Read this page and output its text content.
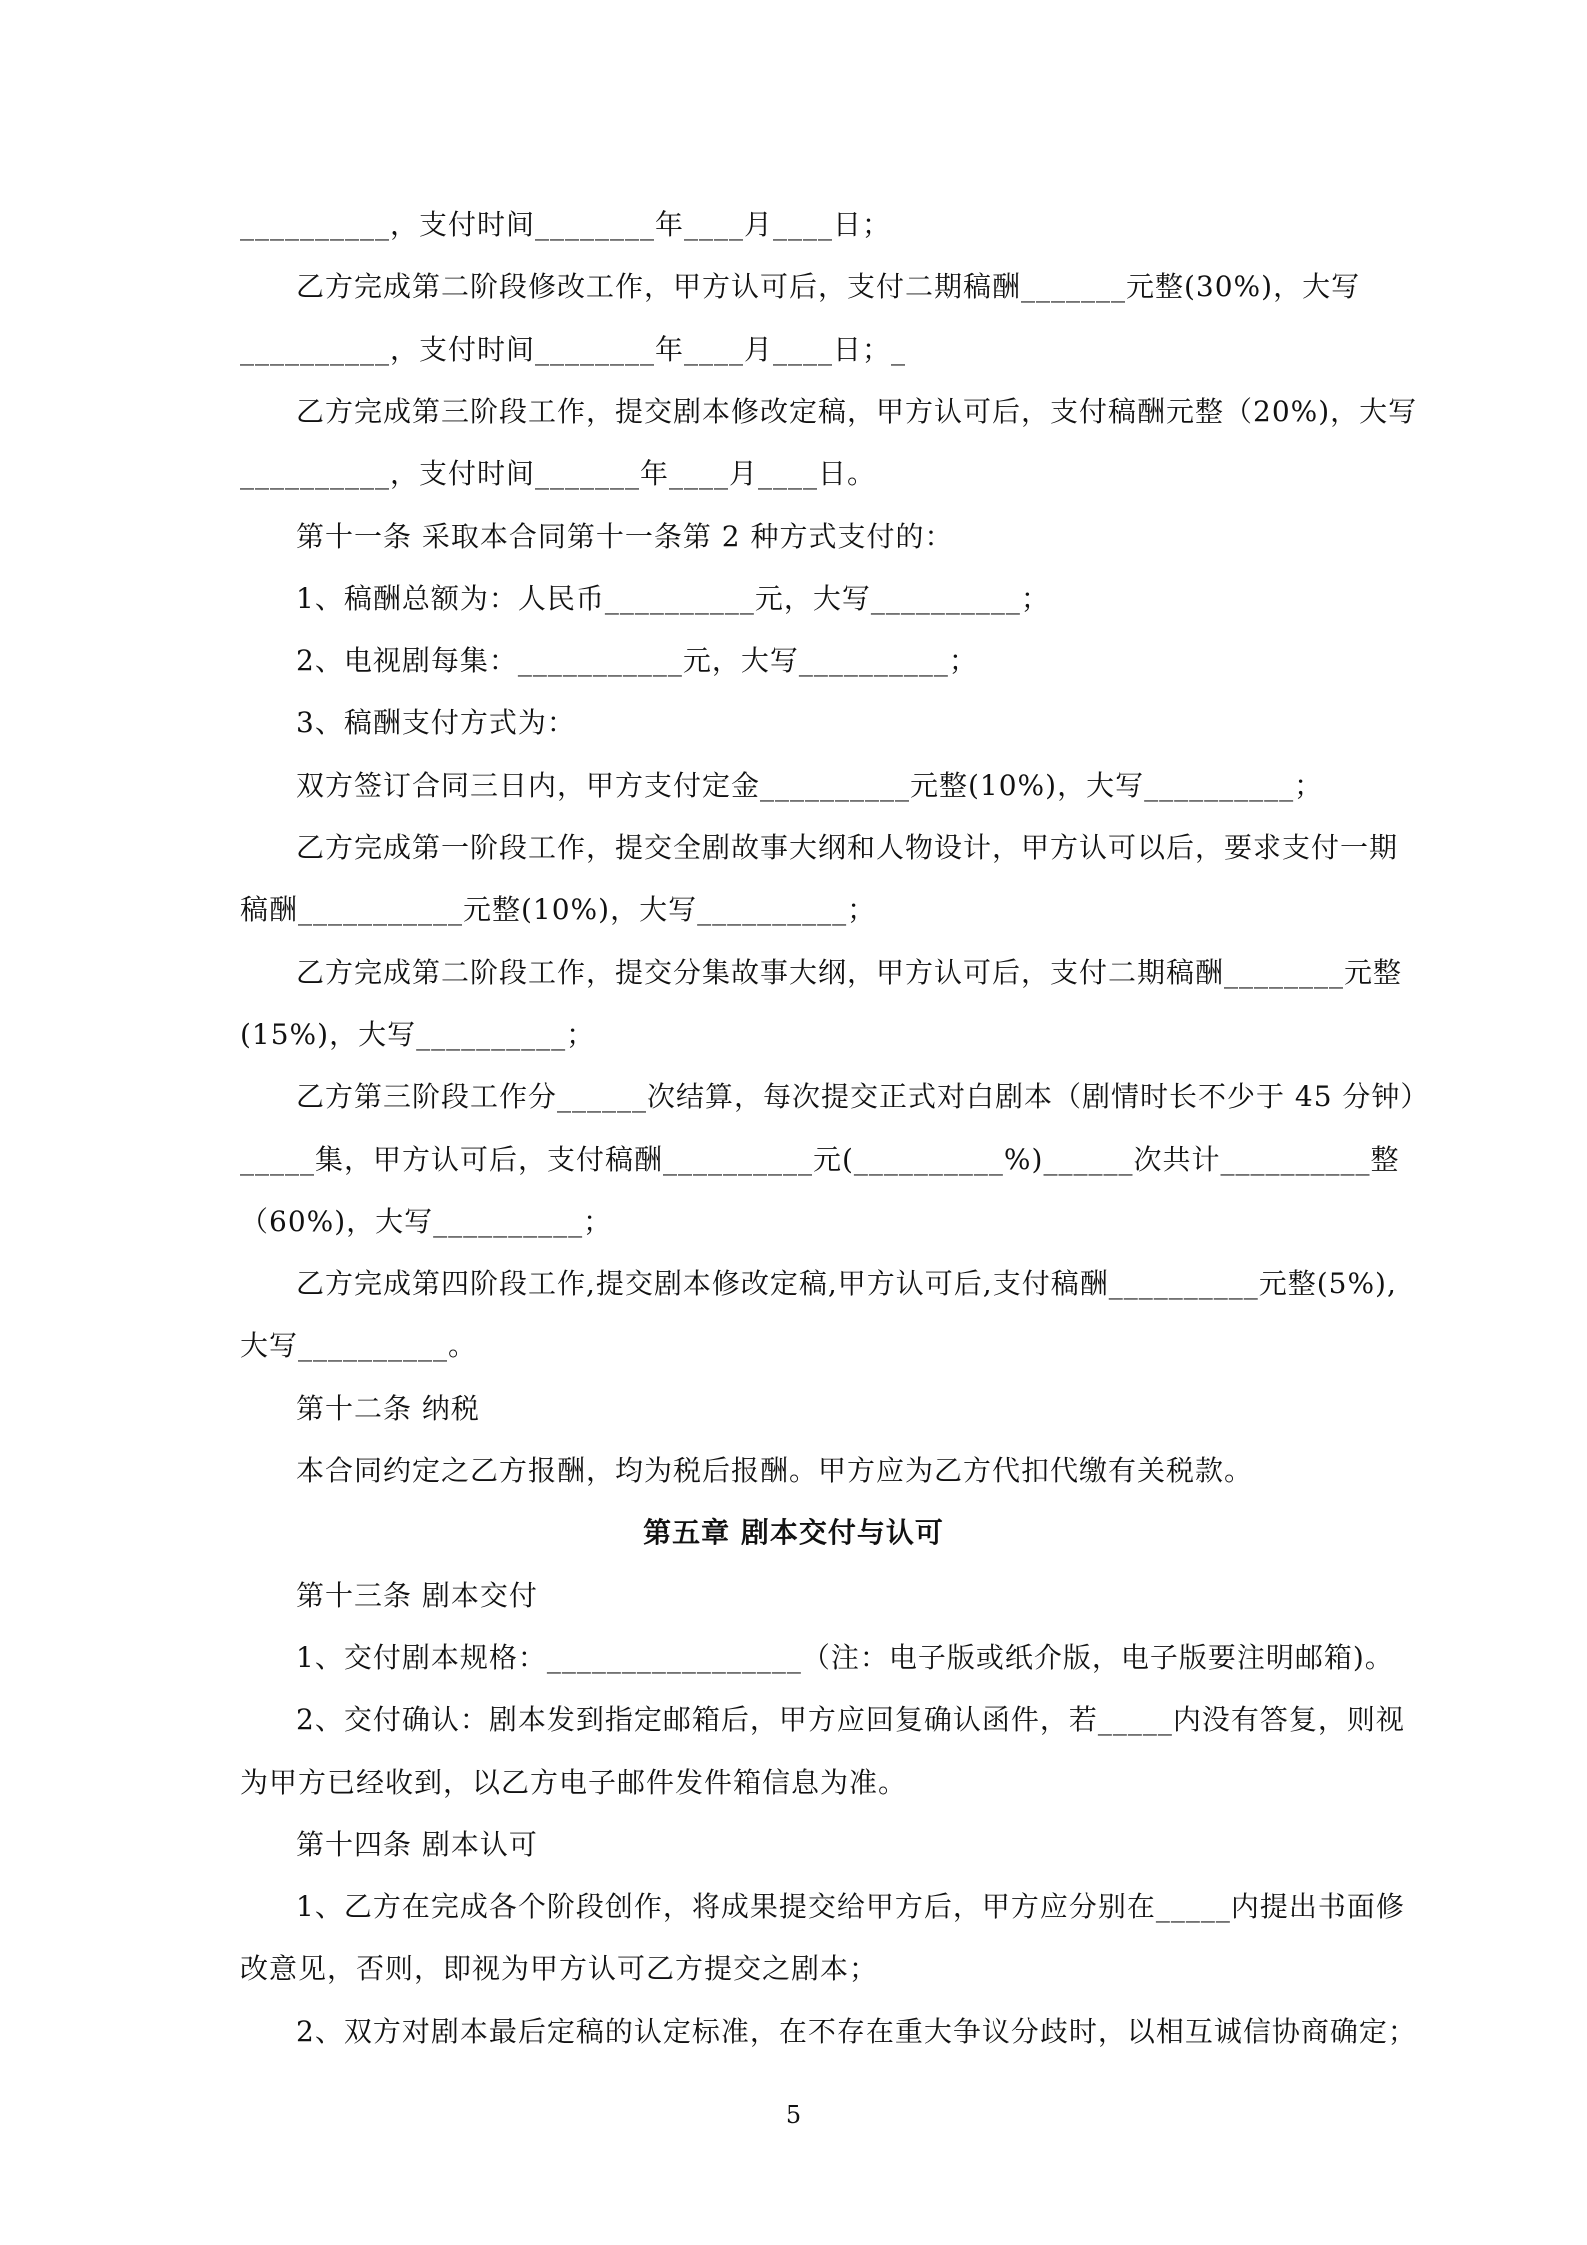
__________，支付时间________年____月____日；
乙方完成第二阶段修改工作，甲方认可后，支付二期稿酬_______元整(30%)，大写
__________，支付时间________年____月____日；_
乙方完成第三阶段工作，提交剧本修改定稿，甲方认可后，支付稿酬元整（20%)，大写
__________，支付时间_______年____月____日。
第十一条 采取本合同第十一条第 2 种方式支付的：
1、稿酬总额为：人民币__________元，大写__________；
2、电视剧每集：___________元，大写__________；
3、稿酬支付方式为：
双方签订合同三日内，甲方支付定金__________元整(10%)，大写__________；
乙方完成第一阶段工作，提交全剧故事大纲和人物设计，甲方认可以后，要求支付一期
稿酬___________元整(10%)，大写__________；
乙方完成第二阶段工作，提交分集故事大纲，甲方认可后，支付二期稿酬________元整
(15%)，大写__________；
乙方第三阶段工作分______次结算，每次提交正式对白剧本（剧情时长不少于 45 分钟）
_____集，甲方认可后，支付稿酬__________元(__________%)______次共计__________整
（60%)，大写__________；
乙方完成第四阶段工作,提交剧本修改定稿,甲方认可后,支付稿酬__________元整(5%),
大写__________。
第十二条 纳税
本合同约定之乙方报酬，均为税后报酬。甲方应为乙方代扣代缴有关税款。
第五章 剧本交付与认可
第十三条 剧本交付
1、交付剧本规格：_________________（注：电子版或纸介版，电子版要注明邮箱)。
2、交付确认：剧本发到指定邮箱后，甲方应回复确认函件，若_____内没有答复，则视
为甲方已经收到，以乙方电子邮件发件箱信息为准。
第十四条 剧本认可
1、乙方在完成各个阶段创作，将成果提交给甲方后，甲方应分别在_____内提出书面修
改意见，否则，即视为甲方认可乙方提交之剧本；
2、双方对剧本最后定稿的认定标准，在不存在重大争议分歧时，以相互诚信协商确定；
5
